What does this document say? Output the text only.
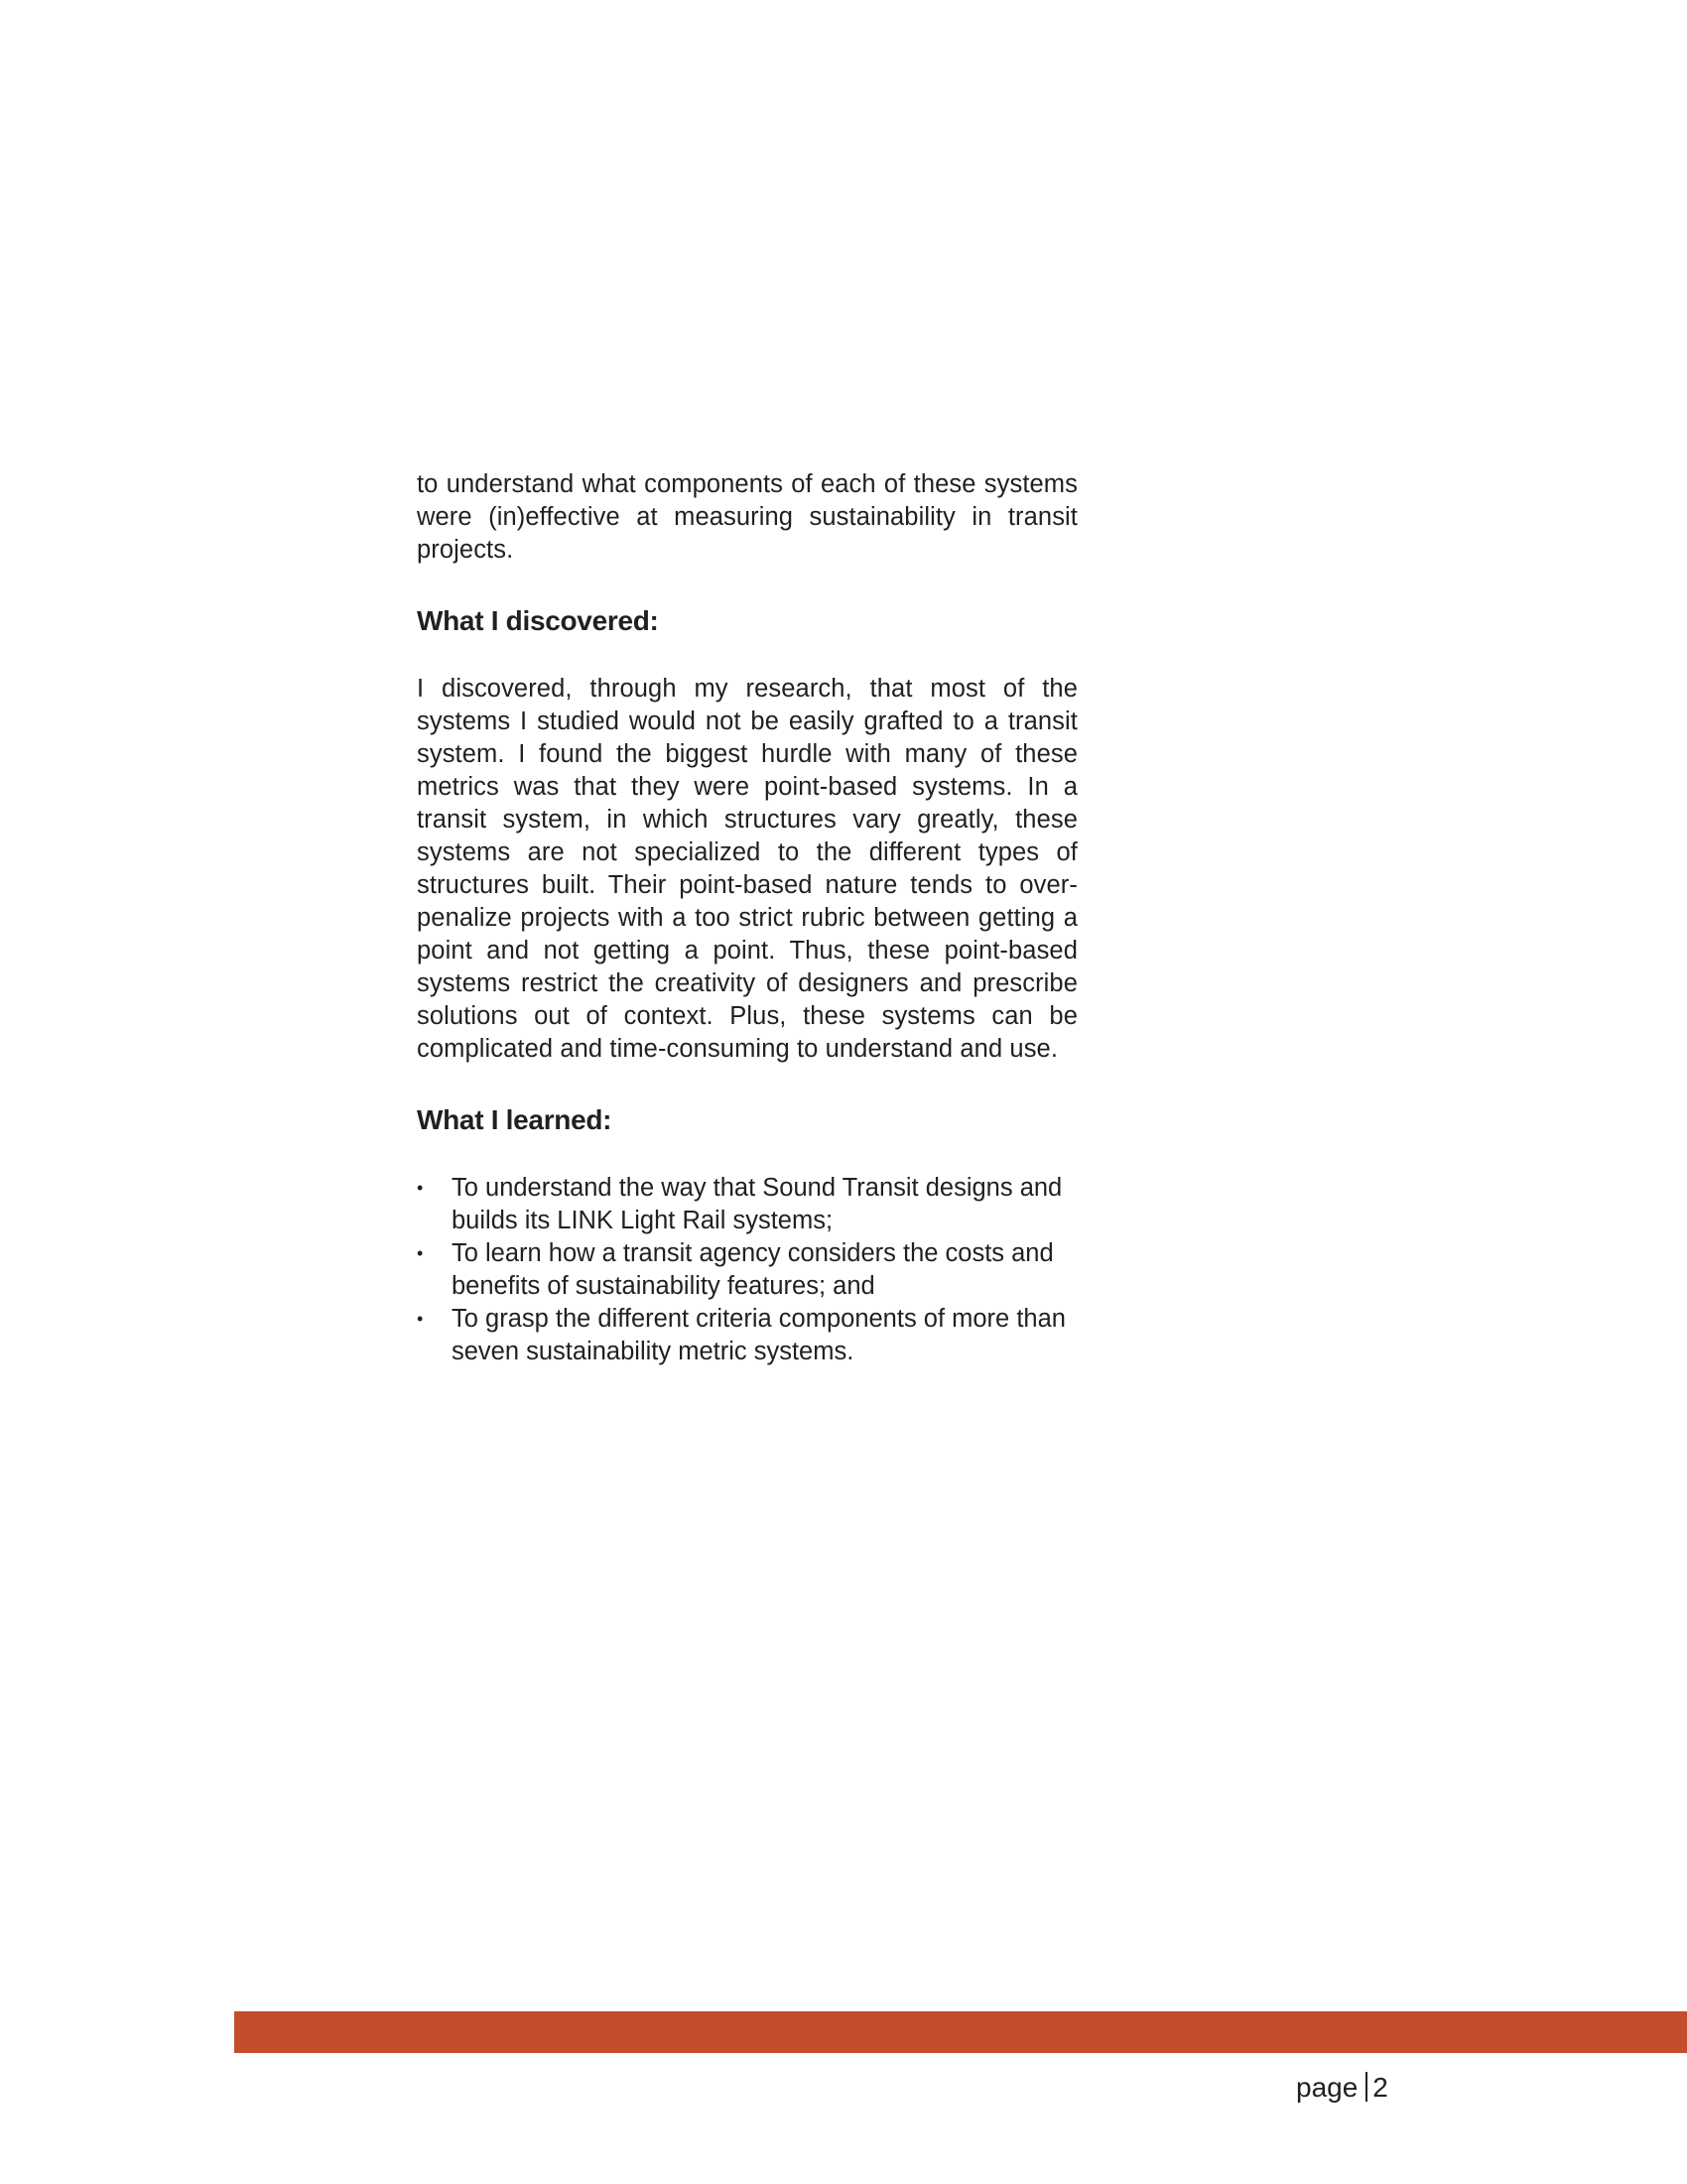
to understand what components of each of these systems were (in)effective at measuring sustainability in transit projects.

What I discovered:

I discovered, through my research, that most of the systems I studied would not be easily grafted to a transit system. I found the biggest hurdle with many of these metrics was that they were point-based systems. In a transit system, in which structures vary greatly, these systems are not specialized to the different types of structures built. Their point-based nature tends to over-penalize projects with a too strict rubric between getting a point and not getting a point. Thus, these point-based systems restrict the creativity of designers and prescribe solutions out of context. Plus, these systems can be complicated and time-consuming to understand and use.

What I learned:
•	To understand the way that Sound Transit designs and builds its LINK Light Rail systems;
•	To learn how a transit agency considers the costs and benefits of sustainability features; and
•	To grasp the different criteria components of more than seven sustainability metric systems.
page 2
